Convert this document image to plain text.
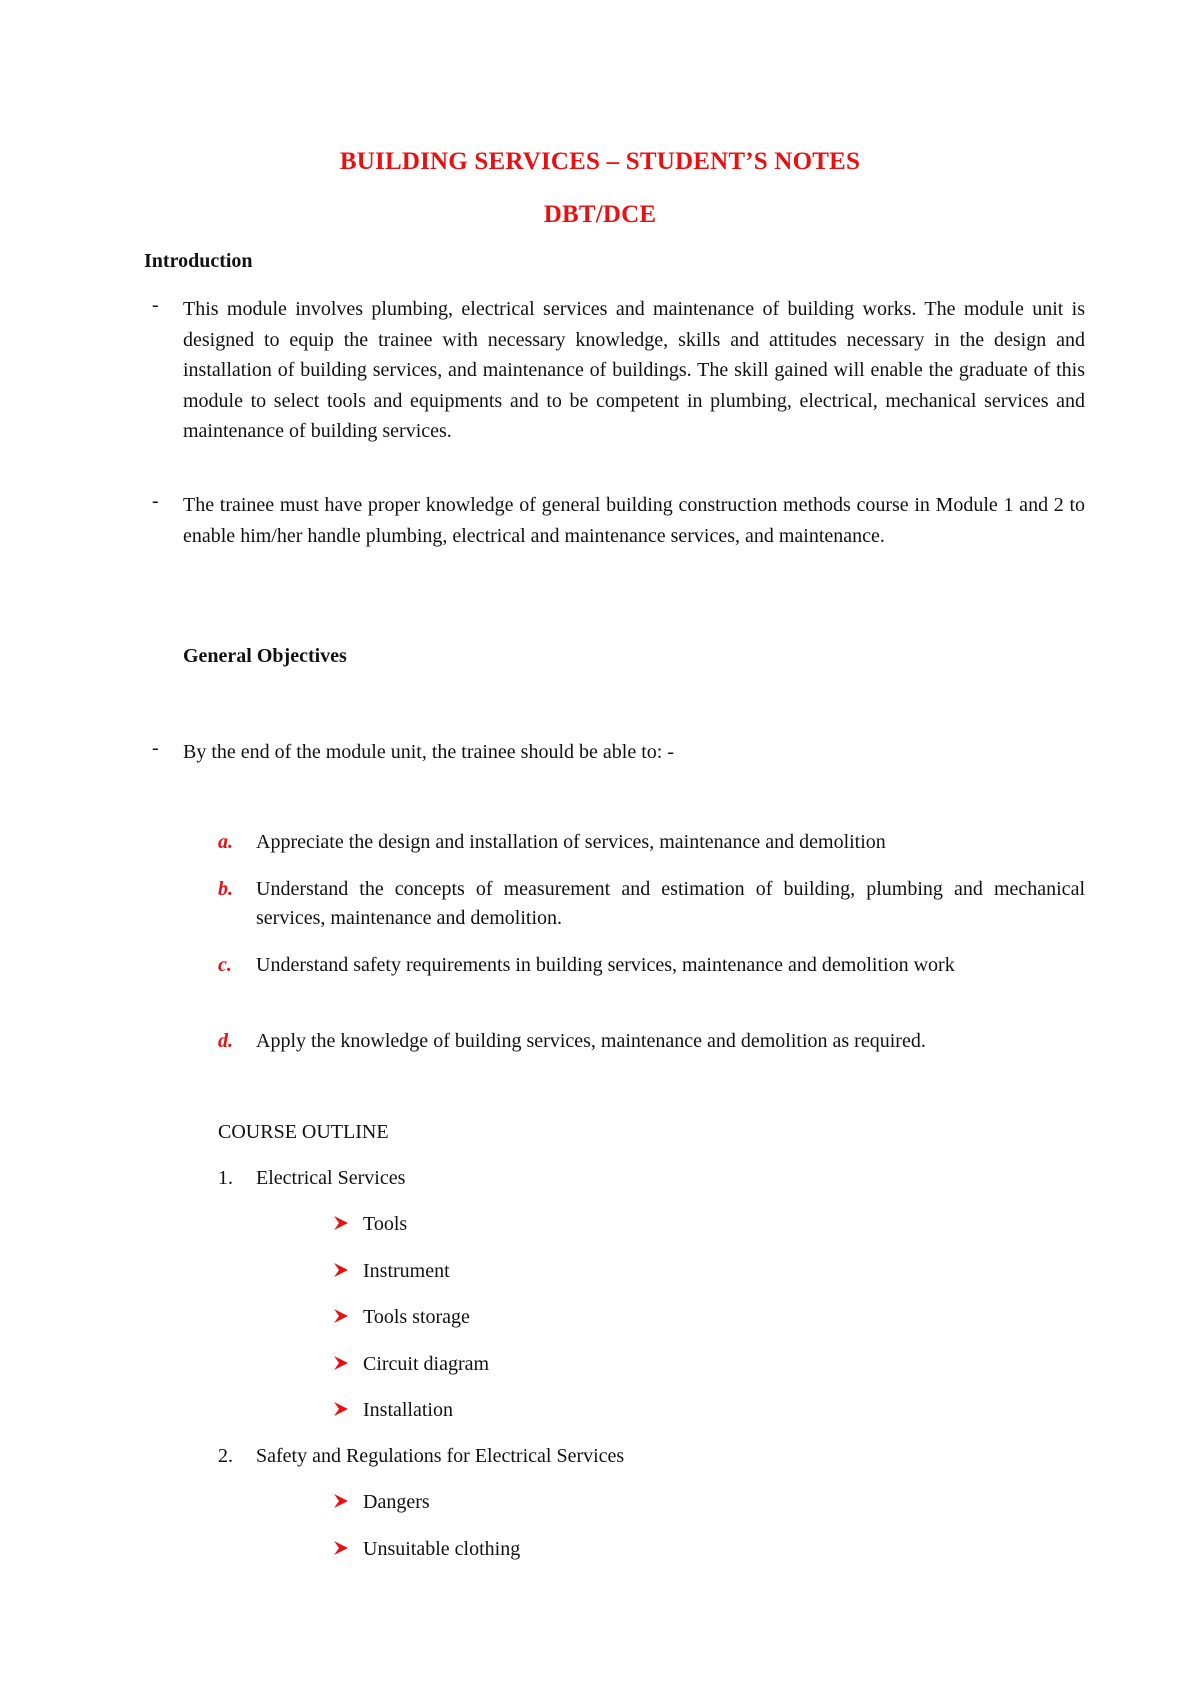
BUILDING SERVICES – STUDENT’S NOTES
DBT/DCE
Introduction
- This module involves plumbing, electrical services and maintenance of building works. The module unit is designed to equip the trainee with necessary knowledge, skills and attitudes necessary in the design and installation of building services, and maintenance of buildings. The skill gained will enable the graduate of this module to select tools and equipments and to be competent in plumbing, electrical, mechanical services and maintenance of building services.
- The trainee must have proper knowledge of general building construction methods course in Module 1 and 2 to enable him/her handle plumbing, electrical and maintenance services, and maintenance.
General Objectives
- By the end of the module unit, the trainee should be able to: -
a. Appreciate the design and installation of services, maintenance and demolition
b. Understand the concepts of measurement and estimation of building, plumbing and mechanical services, maintenance and demolition.
c. Understand safety requirements in building services, maintenance and demolition work
d. Apply the knowledge of building services, maintenance and demolition as required.
COURSE OUTLINE
1. Electrical Services
Tools
Instrument
Tools storage
Circuit diagram
Installation
2. Safety and Regulations for Electrical Services
Dangers
Unsuitable clothing
